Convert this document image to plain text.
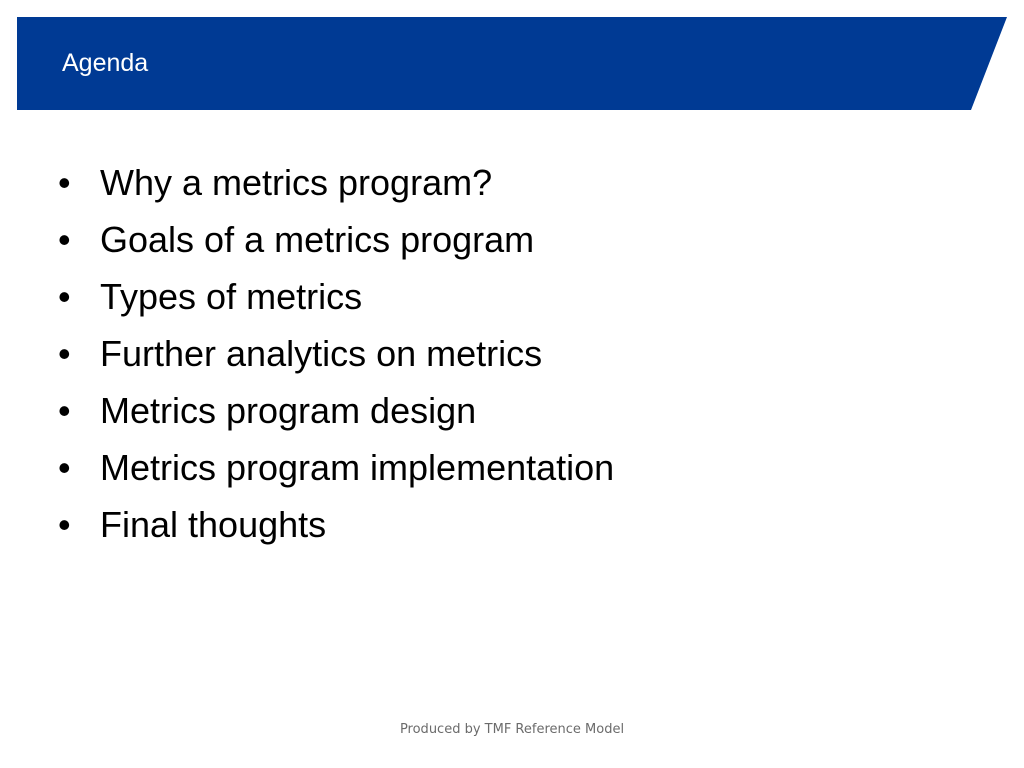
Agenda
• Why a metrics program?
• Goals of a metrics program
• Types of metrics
• Further analytics on metrics
• Metrics program design
• Metrics program implementation
• Final thoughts
Produced by TMF Reference Model
